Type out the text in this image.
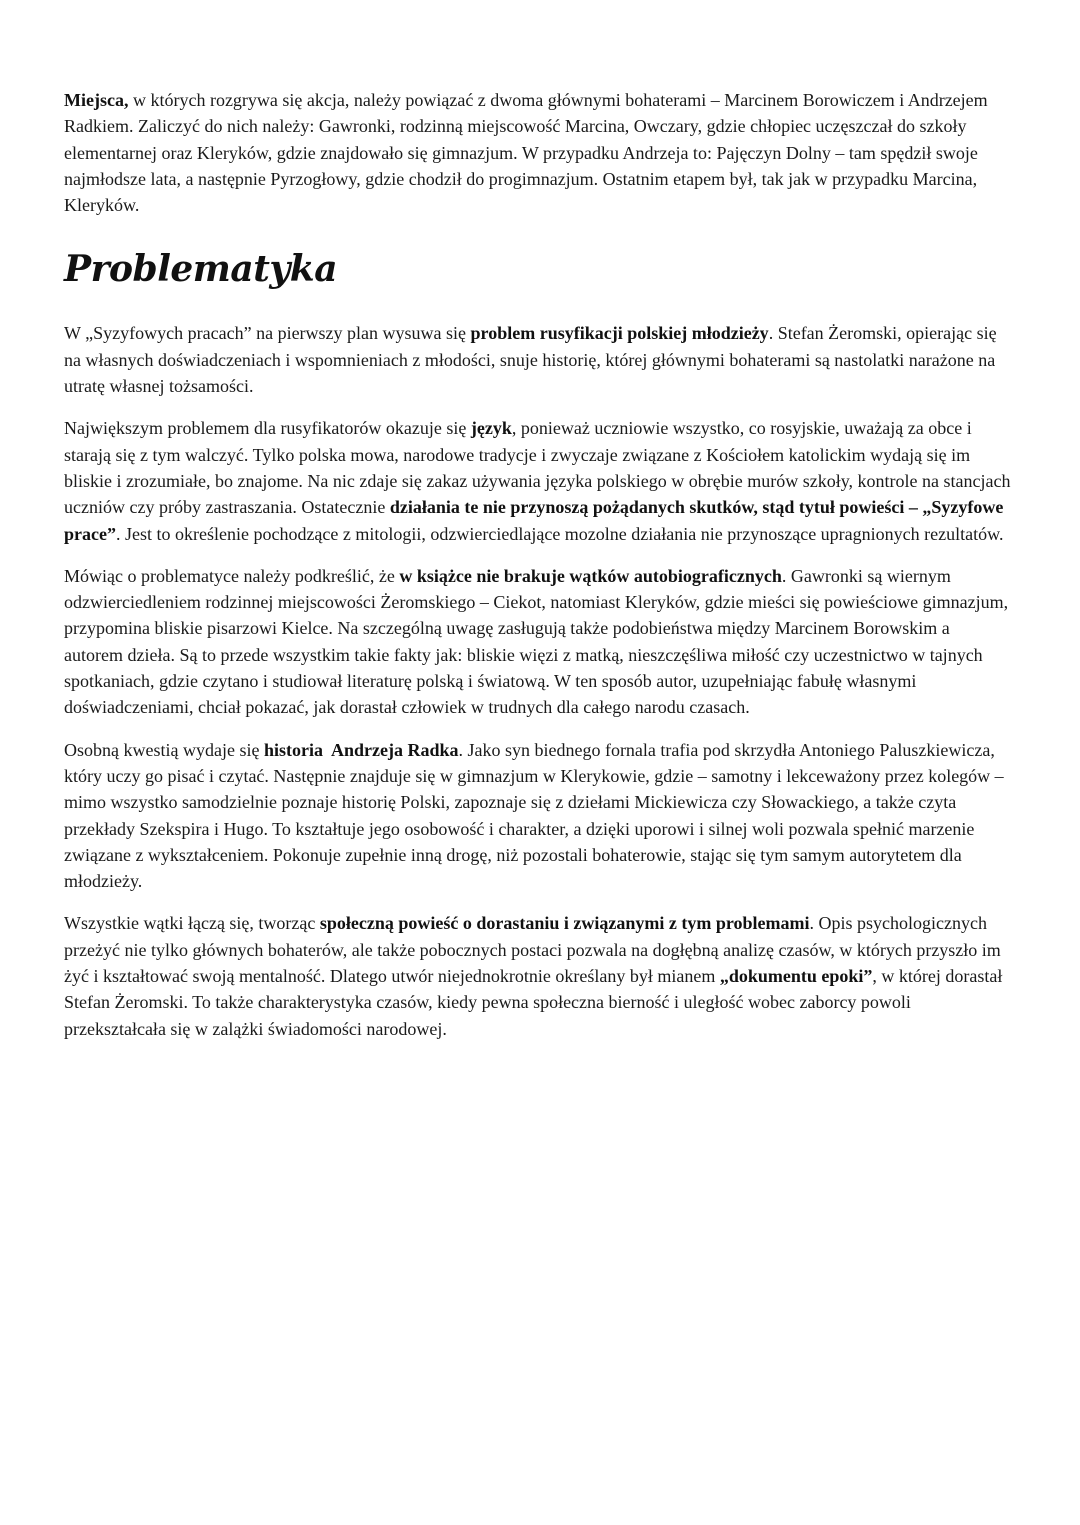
Miejsca, w których rozgrywa się akcja, należy powiązać z dwoma głównymi bohaterami – Marcinem Borowiczem i Andrzejem Radkiem. Zaliczyć do nich należy: Gawronki, rodzinną miejscowość Marcina, Owczary, gdzie chłopiec uczęszczał do szkoły elementarnej oraz Kleryków, gdzie znajdowało się gimnazjum. W przypadku Andrzeja to: Pajęczyn Dolny – tam spędził swoje najmłodsze lata, a następnie Pyrzogłowy, gdzie chodził do progimnazjum. Ostatnim etapem był, tak jak w przypadku Marcina, Kleryków.

Problematyka

W „Syzyfowych pracach” na pierwszy plan wysuwa się problem rusyfikacji polskiej młodzieży. Stefan Żeromski, opierając się na własnych doświadczeniach i wspomnieniach z młodości, snuje historię, której głównymi bohaterami są nastolatki narażone na utratę własnej tożsamości.

Największym problemem dla rusyfikatorów okazuje się język, ponieważ uczniowie wszystko, co rosyjskie, uważają za obce i starają się z tym walczyć. Tylko polska mowa, narodowe tradycje i zwyczaje związane z Kościołem katolickim wydają się im bliskie i zrozumiałe, bo znajome. Na nic zdaje się zakaz używania języka polskiego w obrębie murów szkoły, kontrole na stancjach uczniów czy próby zastraszania. Ostatecznie działania te nie przynoszą pożądanych skutków, stąd tytuł powieści – „Syzyfowe prace”. Jest to określenie pochodzące z mitologii, odzwierciedlające mozolne działania nie przynoszące upragnionych rezultatów.

Mówiąc o problematyce należy podkreślić, że w książce nie brakuje wątków autobiograficznych. Gawronki są wiernym odzwierciedleniem rodzinnej miejscowości Żeromskiego – Ciekot, natomiast Kleryków, gdzie mieści się powieściowe gimnazjum, przypomina bliskie pisarzowi Kielce. Na szczególną uwagę zasługują także podobieństwa między Marcinem Borowskim a autorem dzieła. Są to przede wszystkim takie fakty jak: bliskie więzi z matką, nieszczęśliwa miłość czy uczestnictwo w tajnych spotkaniach, gdzie czytano i studiował literaturę polską i światową. W ten sposób autor, uzupełniając fabułę własnymi doświadczeniami, chciał pokazać, jak dorastał człowiek w trudnych dla całego narodu czasach.

Osobną kwestią wydaje się historia  Andrzeja Radka. Jako syn biednego fornala trafia pod skrzydła Antoniego Paluszkiewicza, który uczy go pisać i czytać. Następnie znajduje się w gimnazjum w Klerykowie, gdzie – samotny i lekceważony przez kolegów – mimo wszystko samodzielnie poznaje historię Polski, zapoznaje się z dziełami Mickiewicza czy Słowackiego, a także czyta przekłady Szekspira i Hugo. To kształtuje jego osobowość i charakter, a dzięki uporowi i silnej woli pozwala spełnić marzenie związane z wykształceniem. Pokonuje zupełnie inną drogę, niż pozostali bohaterowie, stając się tym samym autorytetem dla młodzieży.

Wszystkie wątki łączą się, tworząc społeczną powieść o dorastaniu i związanymi z tym problemami. Opis psychologicznych przeżyć nie tylko głównych bohaterów, ale także pobocznych postaci pozwala na dogłębną analizę czasów, w których przyszło im żyć i kształtować swoją mentalność. Dlatego utwór niejednokrotnie określany był mianem „dokumentu epoki”, w której dorastał Stefan Żeromski. To także charakterystyka czasów, kiedy pewna społeczna bierność i uległość wobec zaborcy powoli przekształcała się w zalążki świadomości narodowej.
